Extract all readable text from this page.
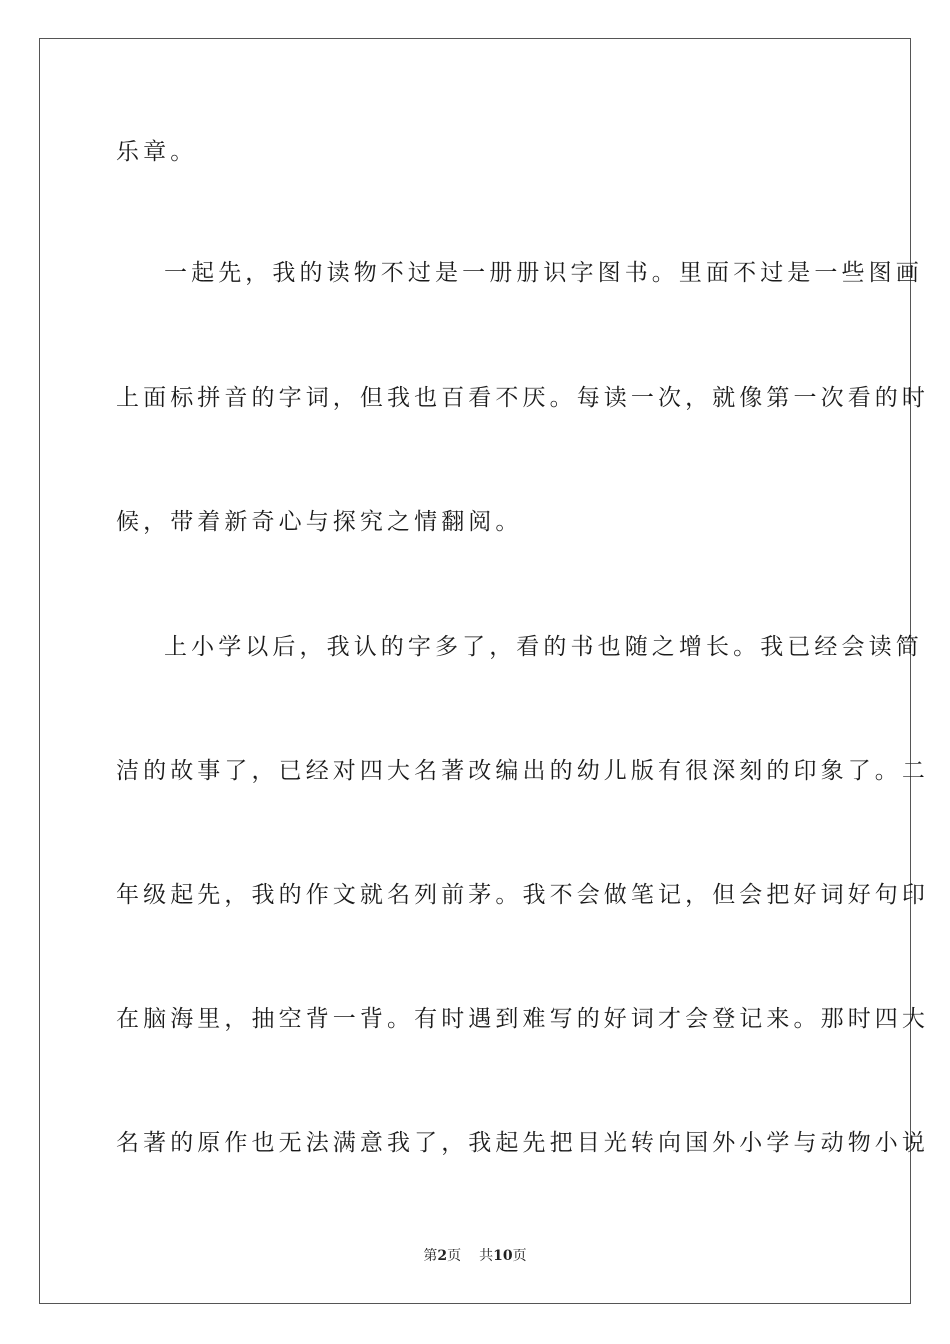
乐章。
一起先，我的读物不过是一册册识字图书。里面不过是一些图画
上面标拼音的字词，但我也百看不厌。每读一次，就像第一次看的时
候，带着新奇心与探究之情翻阅。
上小学以后，我认的字多了，看的书也随之增长。我已经会读简
洁的故事了，已经对四大名著改编出的幼儿版有很深刻的印象了。二
年级起先，我的作文就名列前茅。我不会做笔记，但会把好词好句印
在脑海里，抽空背一背。有时遇到难写的好词才会登记来。那时四大
名著的原作也无法满意我了，我起先把目光转向国外小学与动物小说
第2页 共10页
